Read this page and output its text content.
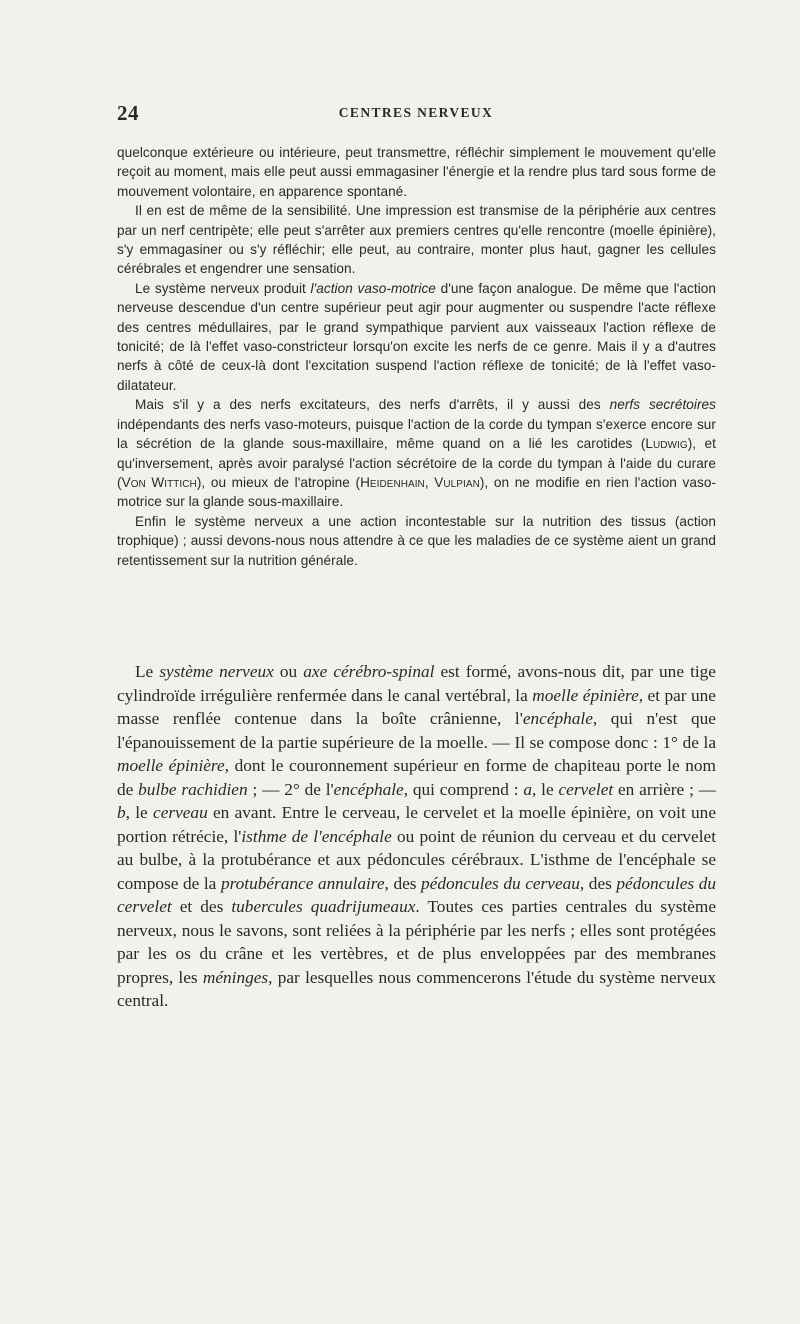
24	CENTRES NERVEUX

quelconque extérieure ou intérieure, peut transmettre, réfléchir simplement le mouvement qu'elle reçoit au moment, mais elle peut aussi emmagasiner l'énergie et la rendre plus tard sous forme de mouvement volontaire, en apparence spontané.

Il en est de même de la sensibilité. Une impression est transmise de la périphérie aux centres par un nerf centripète; elle peut s'arrêter aux premiers centres qu'elle rencontre (moelle épinière), s'y emmagasiner ou s'y réfléchir; elle peut, au contraire, monter plus haut, gagner les cellules cérébrales et engendrer une sensation.

Le système nerveux produit l'action vaso-motrice d'une façon analogue. De même que l'action nerveuse descendue d'un centre supérieur peut agir pour augmenter ou suspendre l'acte réflexe des centres médullaires, par le grand sympathique parvient aux vaisseaux l'action réflexe de tonicité; de là l'effet vaso-constricteur lorsqu'on excite les nerfs de ce genre. Mais il y a d'autres nerfs à côté de ceux-là dont l'excitation suspend l'action réflexe de tonicité; de là l'effet vaso-dilatateur.

Mais s'il y a des nerfs excitateurs, des nerfs d'arrêts, il y aussi des nerfs secrétoires indépendants des nerfs vaso-moteurs, puisque l'action de la corde du tympan s'exerce encore sur la sécrétion de la glande sous-maxillaire, même quand on a lié les carotides (Ludwig), et qu'inversement, après avoir paralysé l'action sécrétoire de la corde du tympan à l'aide du curare (Von Wittich), ou mieux de l'atropine (Heidenhain, Vulpian), on ne modifie en rien l'action vaso-motrice sur la glande sous-maxillaire.

Enfin le système nerveux a une action incontestable sur la nutrition des tissus (action trophique) ; aussi devons-nous nous attendre à ce que les maladies de ce système aient un grand retentissement sur la nutrition générale.

Le système nerveux ou axe cérébro-spinal est formé, avons-nous dit, par une tige cylindroïde irrégulière renfermée dans le canal vertébral, la moelle épinière, et par une masse renflée contenue dans la boîte crânienne, l'encéphale, qui n'est que l'épanouissement de la partie supérieure de la moelle. — Il se compose donc : 1° de la moelle épinière, dont le couronnement supérieur en forme de chapiteau porte le nom de bulbe rachidien ; — 2° de l'encéphale, qui comprend : a, le cervelet en arrière ; — b, le cerveau en avant. Entre le cerveau, le cervelet et la moelle épinière, on voit une portion rétrécie, l'isthme de l'encéphale ou point de réunion du cerveau et du cervelet au bulbe, à la protubérance et aux pédoncules cérébraux. L'isthme de l'encéphale se compose de la protubérance annulaire, des pédoncules du cerveau, des pédoncules du cervelet et des tubercules quadrijumeaux. Toutes ces parties centrales du système nerveux, nous le savons, sont reliées à la périphérie par les nerfs ; elles sont protégées par les os du crâne et les vertèbres, et de plus enveloppées par des membranes propres, les méninges, par lesquelles nous commencerons l'étude du système nerveux central.
